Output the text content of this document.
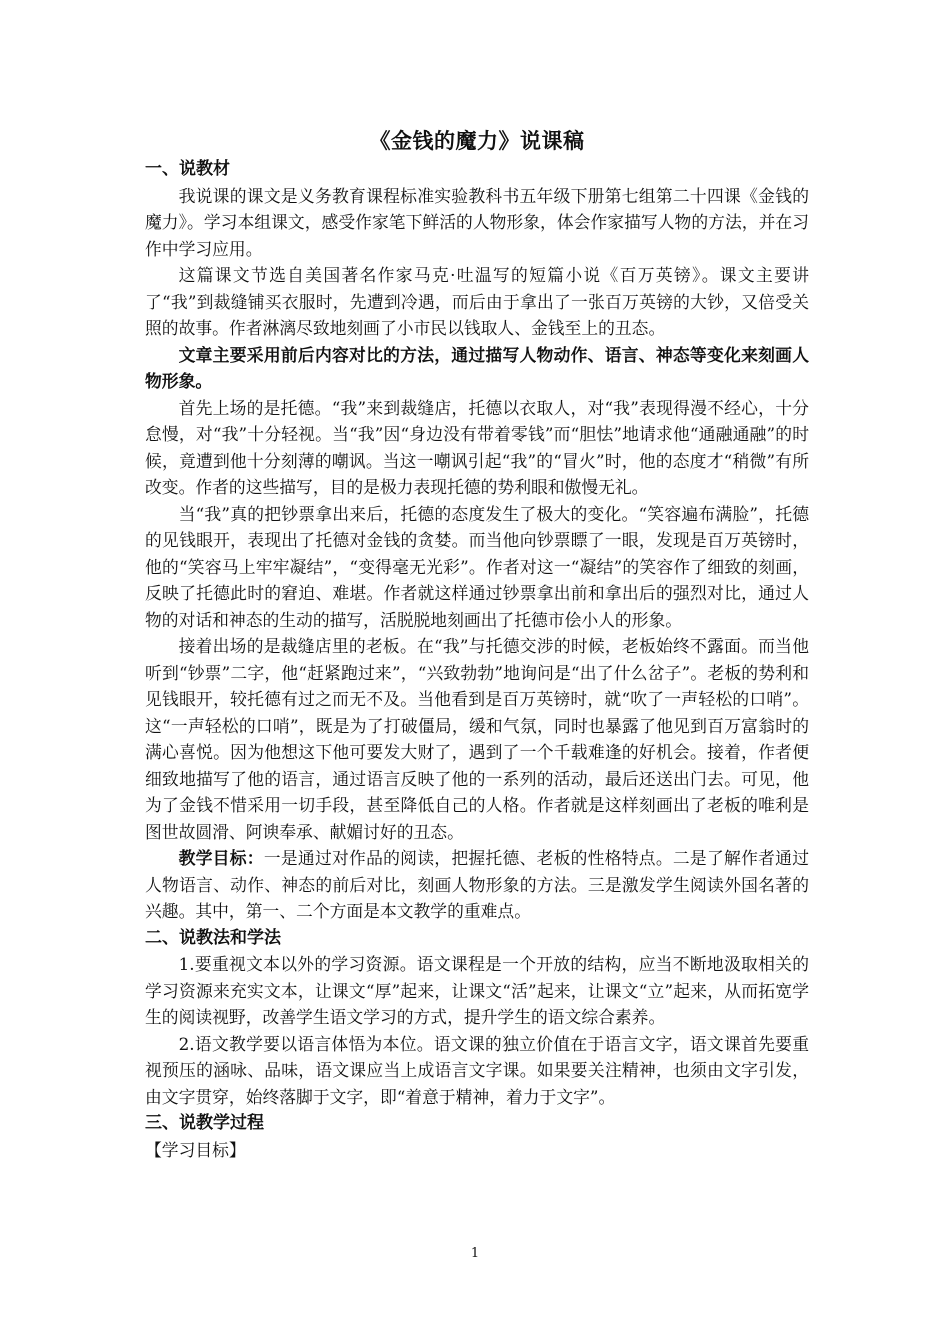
《金钱的魔力》说课稿

一、说教材

我说课的课文是义务教育课程标准实验教科书五年级下册第七组第二十四课《金钱的魔力》。学习本组课文，感受作家笔下鲜活的人物形象，体会作家描写人物的方法，并在习作中学习应用。

这篇课文节选自美国著名作家马克·吐温写的短篇小说《百万英镑》。课文主要讲了“我”到裁缝铺买衣服时，先遭到冷遇，而后由于拿出了一张百万英镑的大钞，又倍受关照的故事。作者淋漓尽致地刻画了小市民以钱取人、金钱至上的丑态。

文章主要采用前后内容对比的方法，通过描写人物动作、语言、神态等变化来刻画人物形象。

首先上场的是托德。“我”来到裁缝店，托德以衣取人，对“我”表现得漫不经心，十分怠慢，对“我”十分轻视。当“我”因“身边没有带着零钱”而“胆怯”地请求他“通融通融”的时候，竟遭到他十分刻薄的嘲讽。当这一嘲讽引起“我”的“冒火”时，他的态度才“稍微”有所改变。作者的这些描写，目的是极力表现托德的势利眼和傲慢无礼。

当“我”真的把钞票拿出来后，托德的态度发生了极大的变化。“笑容遍布满脸”，托德的见钱眼开，表现出了托德对金钱的贪婪。而当他向钞票瞟了一眼，发现是百万英镑时，他的“笑容马上牢牢凝结”，“变得毫无光彩”。作者对这一“凝结”的笑容作了细致的刻画，反映了托德此时的窘迫、难堪。作者就这样通过钞票拿出前和拿出后的强烈对比，通过人物的对话和神态的生动的描写，活脱脱地刻画出了托德市侩小人的形象。

接着出场的是裁缝店里的老板。在“我”与托德交涉的时候，老板始终不露面。而当他听到“钞票”二字，他“赶紧跑过来”，“兴致勃勃”地询问是“出了什么岔子”。老板的势利和见钱眼开，较托德有过之而无不及。当他看到是百万英镑时，就“吹了一声轻松的口哨”。这“一声轻松的口哨”，既是为了打破僵局，缓和气氛，同时也暴露了他见到百万富翁时的满心喜悦。因为他想这下他可要发大财了，遇到了一个千载难逢的好机会。接着，作者便细致地描写了他的语言，通过语言反映了他的一系列的活动，最后还送出门去。可见，他为了金钱不惜采用一切手段，甚至降低自己的人格。作者就是这样刻画出了老板的唯利是图世故圆滑、阿谀奉承、献媚讨好的丑态。

教学目标：一是通过对作品的阅读，把握托德、老板的性格特点。二是了解作者通过人物语言、动作、神态的前后对比，刻画人物形象的方法。三是激发学生阅读外国名著的兴趣。其中，第一、二个方面是本文教学的重难点。

二、说教法和学法

1.要重视文本以外的学习资源。语文课程是一个开放的结构，应当不断地汲取相关的学习资源来充实文本，让课文“厚”起来，让课文“活”起来，让课文“立”起来，从而拓宽学生的阅读视野，改善学生语文学习的方式，提升学生的语文综合素养。

2.语文教学要以语言体悟为本位。语文课的独立价值在于语言文字，语文课首先要重视预压的涵咏、品味，语文课应当上成语言文字课。如果要关注精神，也须由文字引发，由文字贯穿，始终落脚于文字，即“着意于精神，着力于文字”。

三、说教学过程

【学习目标】

1
